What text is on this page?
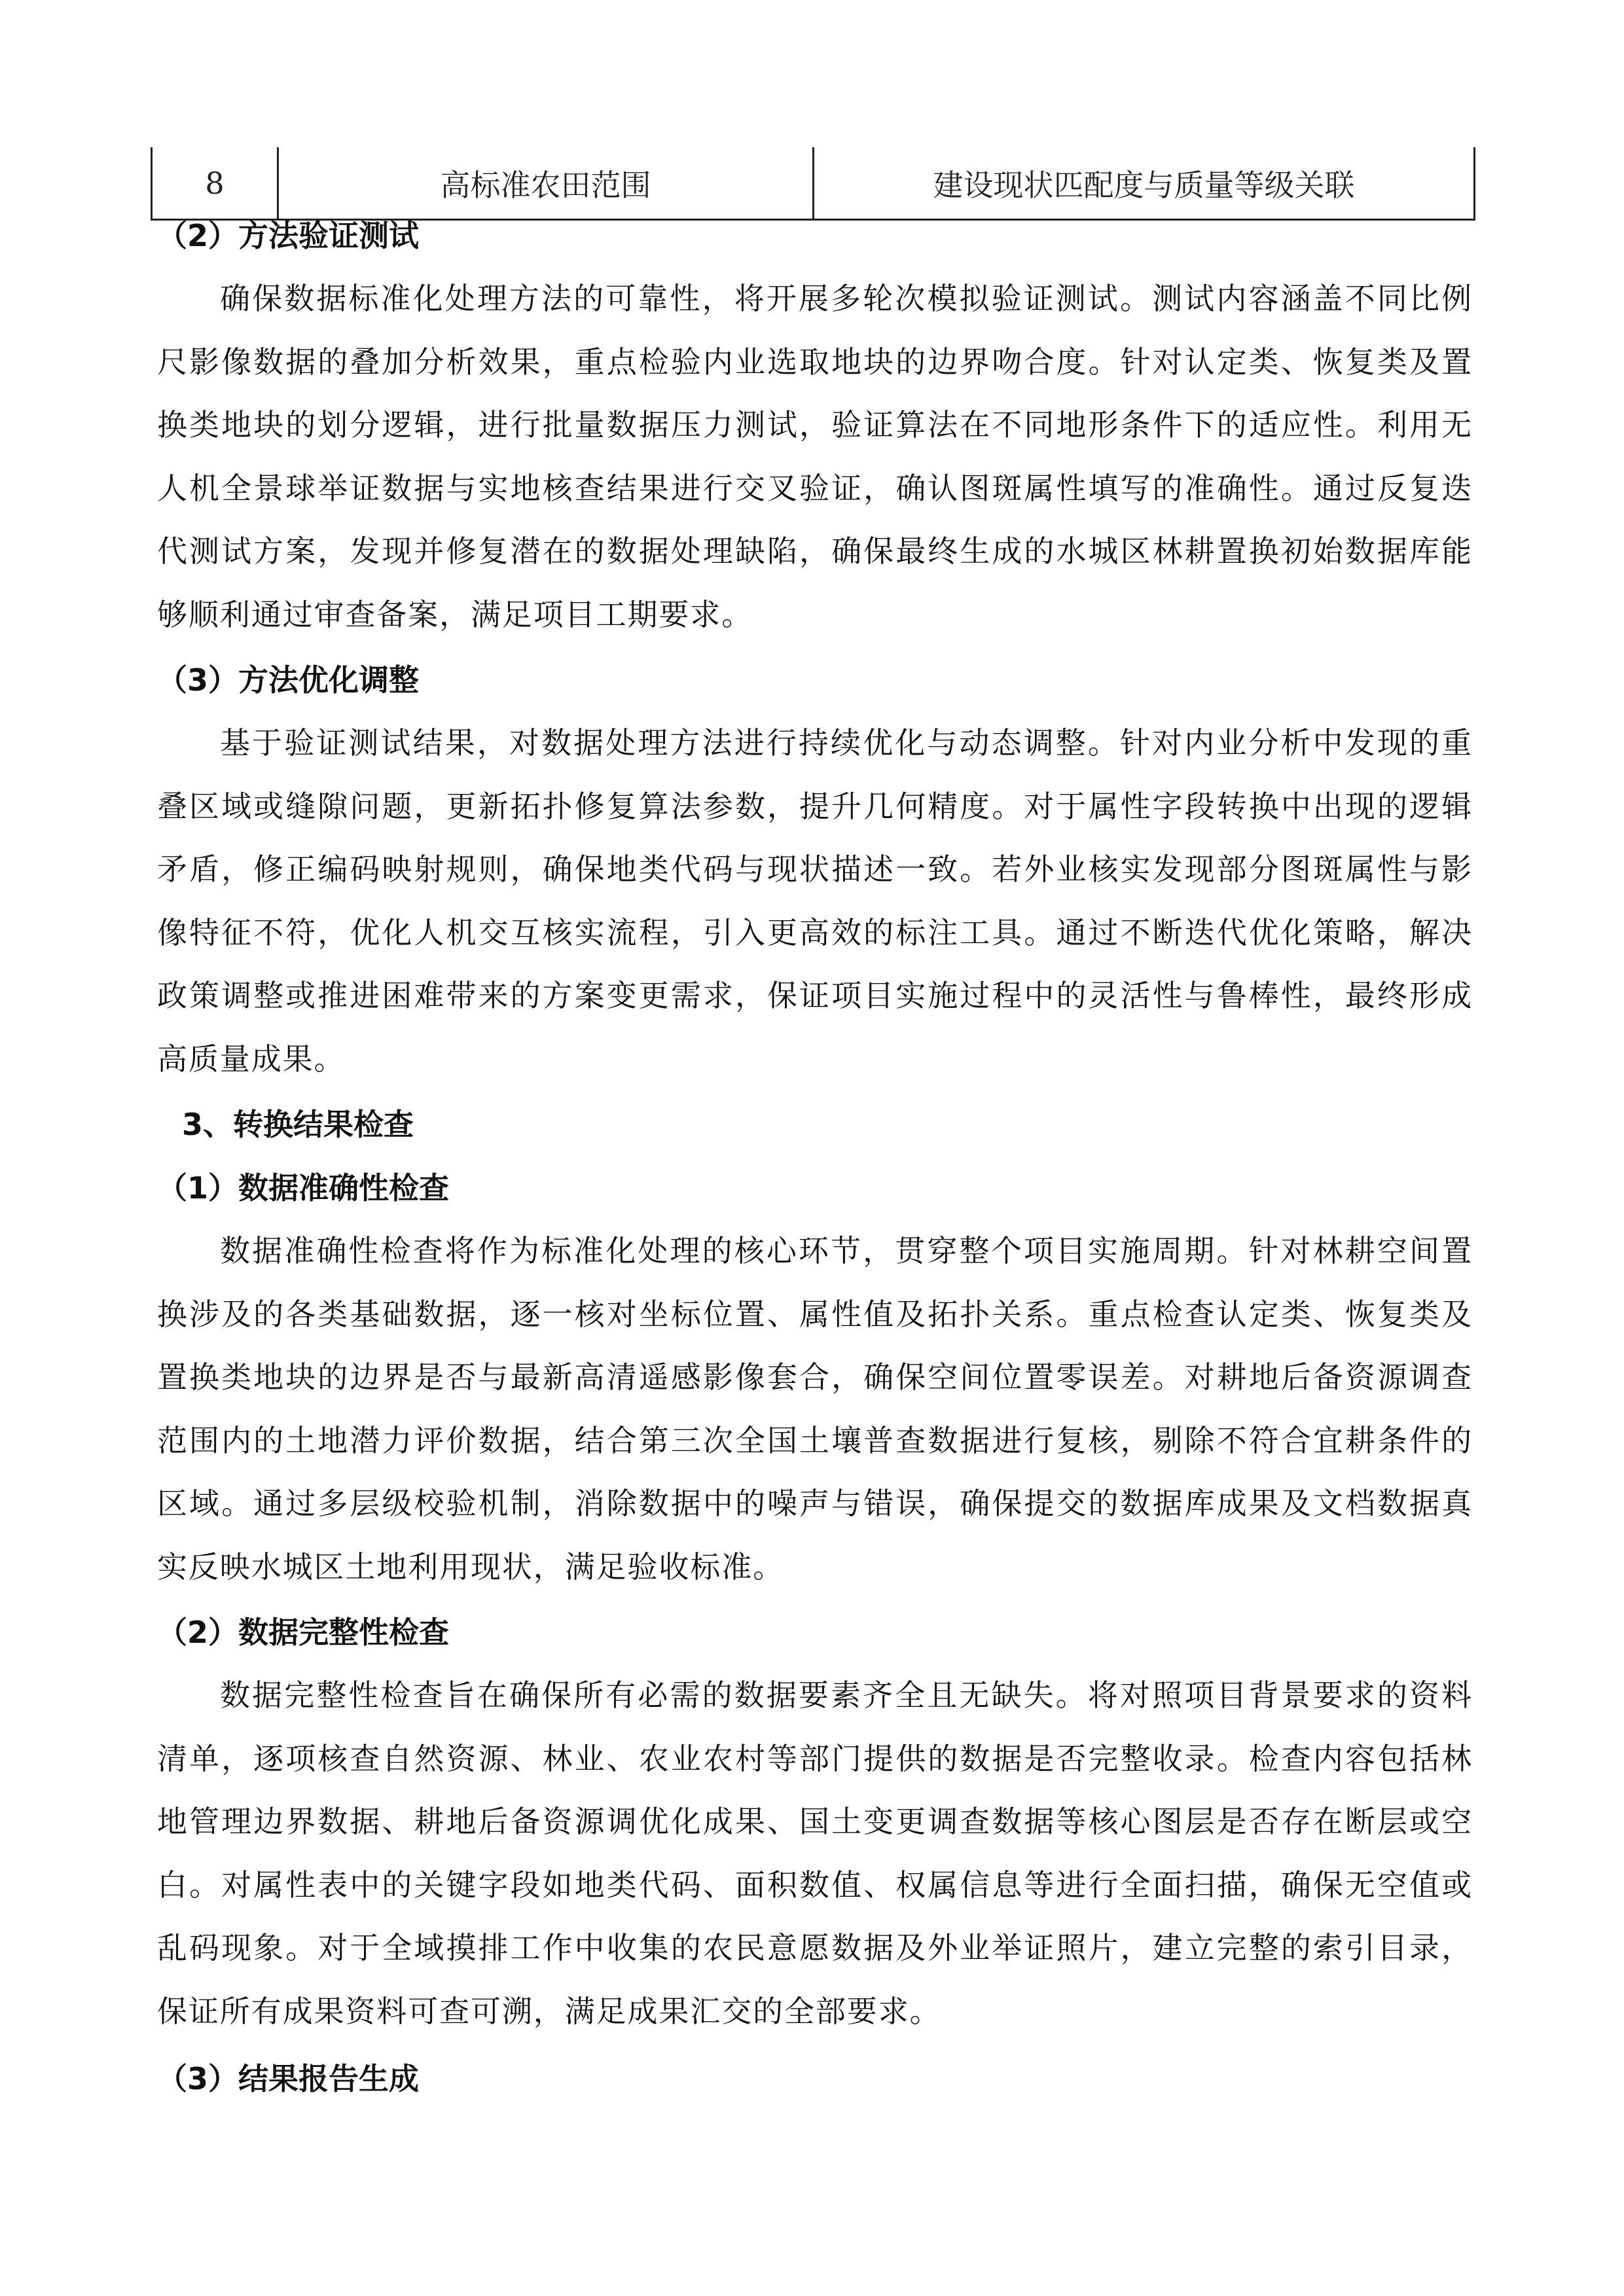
8	高标准农田范围	建设现状匹配度与质量等级关联
（2）方法验证测试

确保数据标准化处理方法的可靠性，将开展多轮次模拟验证测试。测试内容涵盖不同比例尺影像数据的叠加分析效果，重点检验内业选取地块的边界吻合度。针对认定类、恢复类及置换类地块的划分逻辑，进行批量数据压力测试，验证算法在不同地形条件下的适应性。利用无人机全景球举证数据与实地核查结果进行交叉验证，确认图斑属性填写的准确性。通过反复迭代测试方案，发现并修复潜在的数据处理缺陷，确保最终生成的水城区林耕置换初始数据库能够顺利通过审查备案，满足项目工期要求。

（3）方法优化调整

基于验证测试结果，对数据处理方法进行持续优化与动态调整。针对内业分析中发现的重叠区域或缝隙问题，更新拓扑修复算法参数，提升几何精度。对于属性字段转换中出现的逻辑矛盾，修正编码映射规则，确保地类代码与现状描述一致。若外业核实发现部分图斑属性与影像特征不符，优化人机交互核实流程，引入更高效的标注工具。通过不断迭代优化策略，解决政策调整或推进困难带来的方案变更需求，保证项目实施过程中的灵活性与鲁棒性，最终形成高质量成果。

3、转换结果检查
（1）数据准确性检查

数据准确性检查将作为标准化处理的核心环节，贯穿整个项目实施周期。针对林耕空间置换涉及的各类基础数据，逐一核对坐标位置、属性值及拓扑关系。重点检查认定类、恢复类及置换类地块的边界是否与最新高清遥感影像套合，确保空间位置零误差。对耕地后备资源调查范围内的土地潜力评价数据，结合第三次全国土壤普查数据进行复核，剔除不符合宜耕条件的区域。通过多层级校验机制，消除数据中的噪声与错误，确保提交的数据库成果及文档数据真实反映水城区土地利用现状，满足验收标准。

（2）数据完整性检查

数据完整性检查旨在确保所有必需的数据要素齐全且无缺失。将对照项目背景要求的资料清单，逐项核查自然资源、林业、农业农村等部门提供的数据是否完整收录。检查内容包括林地管理边界数据、耕地后备资源调优化成果、国土变更调查数据等核心图层是否存在断层或空白。对属性表中的关键字段如地类代码、面积数值、权属信息等进行全面扫描，确保无空值或乱码现象。对于全域摸排工作中收集的农民意愿数据及外业举证照片，建立完整的索引目录，保证所有成果资料可查可溯，满足成果汇交的全部要求。

（3）结果报告生成
